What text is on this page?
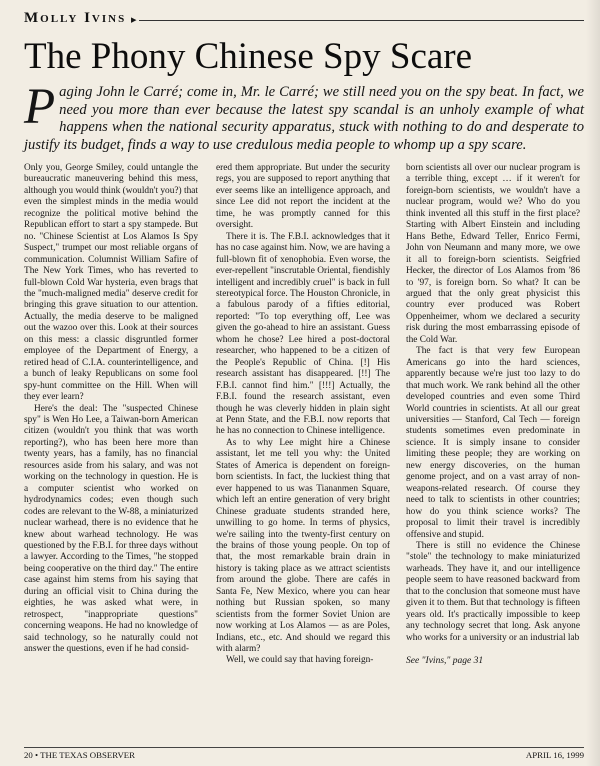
Molly Ivins ▸
The Phony Chinese Spy Scare
Paging John le Carré; come in, Mr. le Carré; we still need you on the spy beat. In fact, we need you more than ever because the latest spy scandal is an unholy example of what happens when the national security apparatus, stuck with nothing to do and desperate to justify its budget, finds a way to use credulous media people to whomp up a spy scare.

Only you, George Smiley, could untangle the bureaucratic maneuvering behind this mess, although you would think (wouldn't you?) that even the simplest minds in the media would recognize the political motive behind the Republican effort to start a spy stampede. But no. "Chinese Scientist at Los Alamos Is Spy Suspect," trumpet our most reliable organs of communication. Columnist William Safire of The New York Times, who has reverted to full-blown Cold War hysteria, even brags that the "much-maligned media" deserve credit for bringing this grave situation to our attention. Actually, the media deserve to be maligned out the wazoo over this. Look at their sources on this mess: a classic disgruntled former employee of the Department of Energy, a retired head of C.I.A. counterintelligence, and a bunch of leaky Republicans on some fool spy-hunt committee on the Hill. When will they ever learn?

Here's the deal: The "suspected Chinese spy" is Wen Ho Lee, a Taiwan-born American citizen (wouldn't you think that was worth reporting?), who has been here more than twenty years, has a family, has no financial resources aside from his salary, and was not working on the technology in question. He is a computer scientist who worked on hydrodynamics codes; even though such codes are relevant to the W-88, a miniaturized nuclear warhead, there is no evidence that he knew about warhead technology. He was questioned by the F.B.I. for three days without a lawyer. According to the Times, "he stopped being cooperative on the third day." The entire case against him stems from his saying that during an official visit to China during the eighties, he was asked what were, in retrospect, "inappropriate questions" concerning weapons. He had no knowledge of said technology, so he naturally could not answer the questions, even if he had consid-

ered them appropriate. But under the security regs, you are supposed to report anything that ever seems like an intelligence approach, and since Lee did not report the incident at the time, he was promptly canned for this oversight.

There it is. The F.B.I. acknowledges that it has no case against him. Now, we are having a full-blown fit of xenophobia. Even worse, the ever-repellent "inscrutable Oriental, fiendishly intelligent and incredibly cruel" is back in full stereotypical force. The Houston Chronicle, in a fabulous parody of a fifties editorial, reported: "To top everything off, Lee was given the go-ahead to hire an assistant. Guess whom he chose? Lee hired a post-doctoral researcher, who happened to be a citizen of the People's Republic of China. [!] His research assistant has disappeared. [!!] The F.B.I. cannot find him." [!!!] Actually, the F.B.I. found the research assistant, even though he was cleverly hidden in plain sight at Penn State, and the F.B.I. now reports that he has no connection to Chinese intelligence.

As to why Lee might hire a Chinese assistant, let me tell you why: the United States of America is dependent on foreign-born scientists. In fact, the luckiest thing that ever happened to us was Tiananmen Square, which left an entire generation of very bright Chinese graduate students stranded here, unwilling to go home. In terms of physics, we're sailing into the twenty-first century on the brains of those young people. On top of that, the most remarkable brain drain in history is taking place as we attract scientists from around the globe. There are cafés in Santa Fe, New Mexico, where you can hear nothing but Russian spoken, so many scientists from the former Soviet Union are now working at Los Alamos — as are Poles, Indians, etc., etc. And should we regard this with alarm?

Well, we could say that having foreign-

born scientists all over our nuclear program is a terrible thing, except … if it weren't for foreign-born scientists, we wouldn't have a nuclear program, would we? Who do you think invented all this stuff in the first place? Starting with Albert Einstein and including Hans Bethe, Edward Teller, Enrico Fermi, John von Neumann and many more, we owe it all to foreign-born scientists. Seigfried Hecker, the director of Los Alamos from '86 to '97, is foreign born. So what? It can be argued that the only great physicist this country ever produced was Robert Oppenheimer, whom we declared a security risk during the most embarrassing episode of the Cold War.

The fact is that very few European Americans go into the hard sciences, apparently because we're just too lazy to do that much work. We rank behind all the other developed countries and even some Third World countries in scientists. At all our great universities — Stanford, Cal Tech — foreign students sometimes even predominate in science. It is simply insane to consider limiting these people; they are working on new energy discoveries, on the human genome project, and on a vast array of non-weapons-related research. Of course they need to talk to scientists in other countries; how do you think science works? The proposal to limit their travel is incredibly offensive and stupid.

There is still no evidence the Chinese "stole" the technology to make miniaturized warheads. They have it, and our intelligence people seem to have reasoned backward from that to the conclusion that someone must have given it to them. But that technology is fifteen years old. It's practically impossible to keep any technology secret that long. Ask anyone who works for a university or an industrial lab

See "Ivins," page 31

20 • THE TEXAS OBSERVER	APRIL 16, 1999
